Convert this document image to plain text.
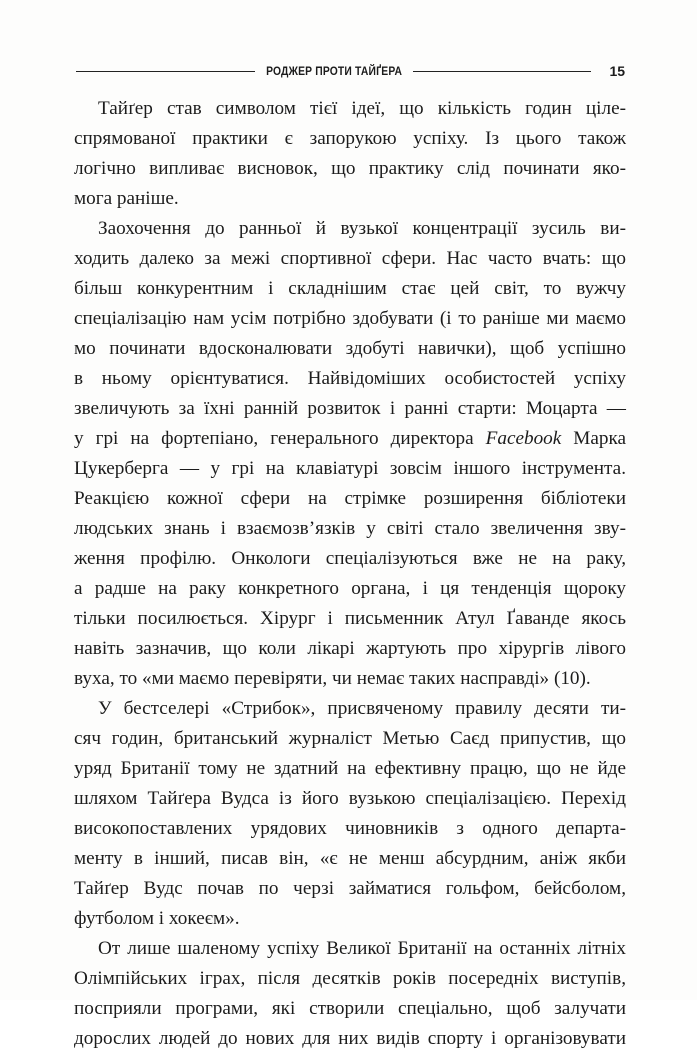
РОДЖЕР ПРОТИ ТАЙҐЕРА	15
Тайґер став символом тієї ідеї, що кількість годин ціле-
спрямованої практики є запорукою успіху. Із цього також
логічно випливає висновок, що практику слід починати яко-
мога раніше.
Заохочення до ранньої й вузької концентрації зусиль ви-
ходить далеко за межі спортивної сфери. Нас часто вчать: що
більш конкурентним і складнішим стає цей світ, то вужчу
спеціалізацію нам усім потрібно здобувати (і то раніше ми маємо
мо починати вдосконалювати здобуті навички), щоб успішно
в ньому орієнтуватися. Найвідоміших особистостей успіху
звеличують за їхні ранній розвиток і ранні старти: Моцарта —
у грі на фортепіано, генерального директора Facebook Марка
Цукерберга — у грі на клавіатурі зовсім іншого інструмента.
Реакцією кожної сфери на стрімке розширення бібліотеки
людських знань і взаємозв’язків у світі стало звеличення зву-
ження профілю. Онкологи спеціалізуються вже не на раку,
а радше на раку конкретного органа, і ця тенденція щороку
тільки посилюється. Хірург і письменник Атул Ґаванде якось
навіть зазначив, що коли лікарі жартують про хірургів лівого
вуха, то «ми маємо перевіряти, чи немає таких насправді» (10).
У бестселері «Стрибок», присвяченому правилу десяти ти-
сяч годин, британський журналіст Метью Саєд припустив, що
уряд Британії тому не здатний на ефективну працю, що не йде
шляхом Тайґера Вудса із його вузькою спеціалізацією. Перехід
високопоставлених урядових чиновників з одного департа-
менту в інший, писав він, «є не менш абсурдним, аніж якби
Тайґер Вудс почав по черзі займатися гольфом, бейсболом,
футболом і хокеєм».
От лише шаленому успіху Великої Британії на останніх літніх
Олімпійських іграх, після десятків років посередніх виступів,
посприяли програми, які створили спеціально, щоб залучати
дорослих людей до нових для них видів спорту і організовувати
